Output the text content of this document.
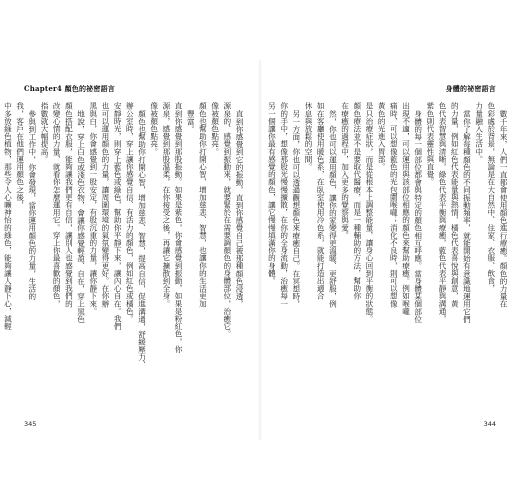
Chapter4 顏色的祕密語言
直到你感覺到它的振動，直到你感覺自己被那種顏色浸透，
源泉的、感覺到振動來，就要緊於在需要調顏色的身體部位，治癒它。
像被顏色點亮。
顏色也幫助你打開心智，增加慈悲、智慧，也讓你的生活更加
豐富。
直到你感覺到那股振動。如果是紫色，你會感覺到振動，如果是粉紅色，你
源泉，感覺到那股溫柔，在你接受之後，再讓它擴散到全身。
像被顏色點亮。
顏色也幫助你打開心智，增加慈悲、智慧，提高自信，促進溝通，舒緩壓力、
辦公室時，穿上讓你感覺自信、有活力的顏色，例如紅色或橘色。
安靜時光，則穿上藍色或綠色，幫助你平靜下來，讓內心自在。我們
也可以運用顏色的力量，讓周圍環境的氣氛變得更好。在你辦
黑與白，你會感覺到一股安定，有股沉重的力量，讓你靜下來。
地說，穿上白色或淺色衣物，會讓你感覺輕盈、自在，穿上黑色
顏色搭配衣服，能夠讓我們更有自信，讓別人也感覺到我們的
改變心情的力量，就看你怎麼運用它。穿上你最喜歡的顏色，
指數就大幅提高。
參與到工作中，你會發現，當你運用顏色的力量，生活的
我，客戶在他們運用顏色之後，
中多放綠色植物，那些令人心曠神怡的綠色，能夠讓人靜下心，減輕
345
身體的祕密語言
數千年來，人們一直都會使用顏色進行療癒。顏色的力量在
色彩處於背景，無論是在大自然中、住家、衣服、飲食，
力量融入生活中。
當你了解每種顏色的不同振動頻率，就能開始有意識地運用它們
的力量，例如紅色代表能量與熱情，橘色代表喜悅與創意，黃
色代表智慧與清晰，綠色代表平衡與療癒，藍色代表平靜與溝通，
紫色則代表靈性與直覺。
身體的每一個部位都會與特定的顏色相互呼應。當身體某個部位
出現不適，可以運用與該部位相應的顏色來幫助療癒。例如喉嚨
痛時，可以想像藍色的光包圍喉嚨；消化不良時，則可以想像
黃色的光進入胃部。
是只治療症狀，而是從根本上調整能量，讓身心回到平衡的狀態。
顏色療法並不是要取代醫療，而是一種輔助的方法，幫助你
在療癒的過程中，加入更多的覺察與愛。
然，你也可以運用顏色，讓你的家變得更溫暖、更舒服，例
如在客廳使用暖色系，在臥室使用冷色系，就能打造出適合
休息與放鬆的空間。
另一方面，你也可以透過觀想顏色來療癒自己。在冥想時，
你的手中，想像那股光慢慢擴散，在你的全身流動，治癒每一
另一個讓你最有感覺的顏色，讓它慢慢填滿你的身體。
344
